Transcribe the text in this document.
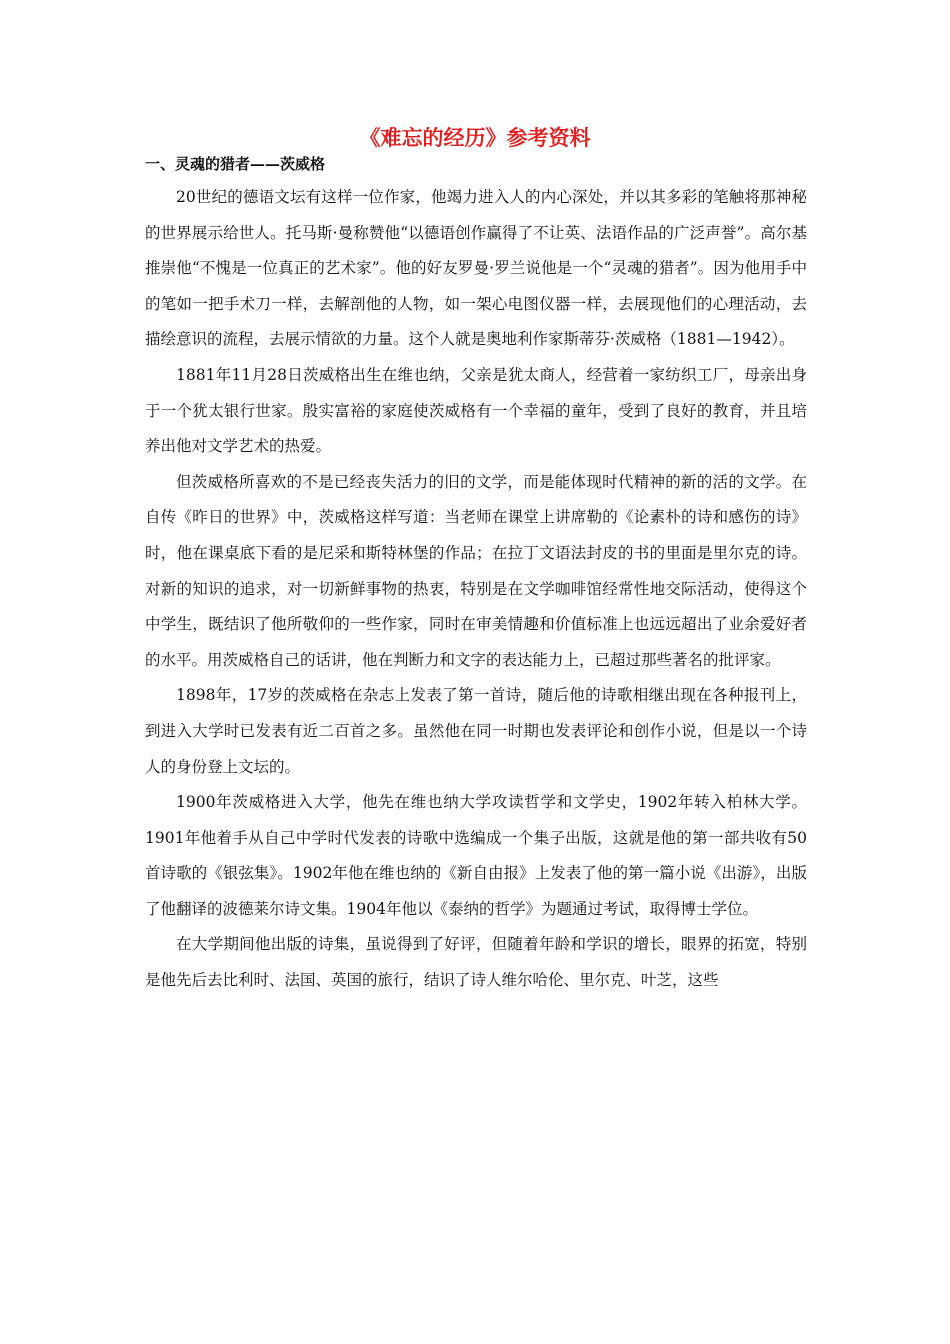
《难忘的经历》参考资料
一、灵魂的猎者——茨威格

20世纪的德语文坛有这样一位作家，他竭力进入人的内心深处，并以其多彩的笔触将那神秘的世界展示给世人。托马斯·曼称赞他“以德语创作赢得了不让英、法语作品的广泛声誉”。高尔基推崇他“不愧是一位真正的艺术家”。他的好友罗曼·罗兰说他是一个“灵魂的猎者”。因为他用手中的笔如一把手术刀一样，去解剖他的人物，如一架心电图仪器一样，去展现他们的心理活动，去描绘意识的流程，去展示情欲的力量。这个人就是奥地利作家斯蒂芬·茨威格（1881—1942）。

1881年11月28日茨威格出生在维也纳，父亲是犹太商人，经营着一家纺织工厂，母亲出身于一个犹太银行世家。殷实富裕的家庭使茨威格有一个幸福的童年，受到了良好的教育，并且培养出他对文学艺术的热爱。

但茨威格所喜欢的不是已经丧失活力的旧的文学，而是能体现时代精神的新的活的文学。在自传《昨日的世界》中，茨威格这样写道：当老师在课堂上讲席勒的《论素朴的诗和感伤的诗》时，他在课桌底下看的是尼采和斯特林堡的作品；在拉丁文语法封皮的书的里面是里尔克的诗。对新的知识的追求，对一切新鲜事物的热衷，特别是在文学咖啡馆经常性地交际活动，使得这个中学生，既结识了他所敬仰的一些作家，同时在审美情趣和价值标准上也远远超出了业余爱好者的水平。用茨威格自己的话讲，他在判断力和文字的表达能力上，已超过那些著名的批评家。

1898年，17岁的茨威格在杂志上发表了第一首诗，随后他的诗歌相继出现在各种报刊上，到进入大学时已发表有近二百首之多。虽然他在同一时期也发表评论和创作小说，但是以一个诗人的身份登上文坛的。

1900年茨威格进入大学，他先在维也纳大学攻读哲学和文学史，1902年转入柏林大学。1901年他着手从自己中学时代发表的诗歌中选编成一个集子出版，这就是他的第一部共收有50首诗歌的《银弦集》。1902年他在维也纳的《新自由报》上发表了他的第一篇小说《出游》，出版了他翻译的波德莱尔诗文集。1904年他以《泰纳的哲学》为题通过考试，取得博士学位。

在大学期间他出版的诗集，虽说得到了好评，但随着年龄和学识的增长，眼界的拓宽，特别是他先后去比利时、法国、英国的旅行，结识了诗人维尔哈伦、里尔克、叶芝，这些
